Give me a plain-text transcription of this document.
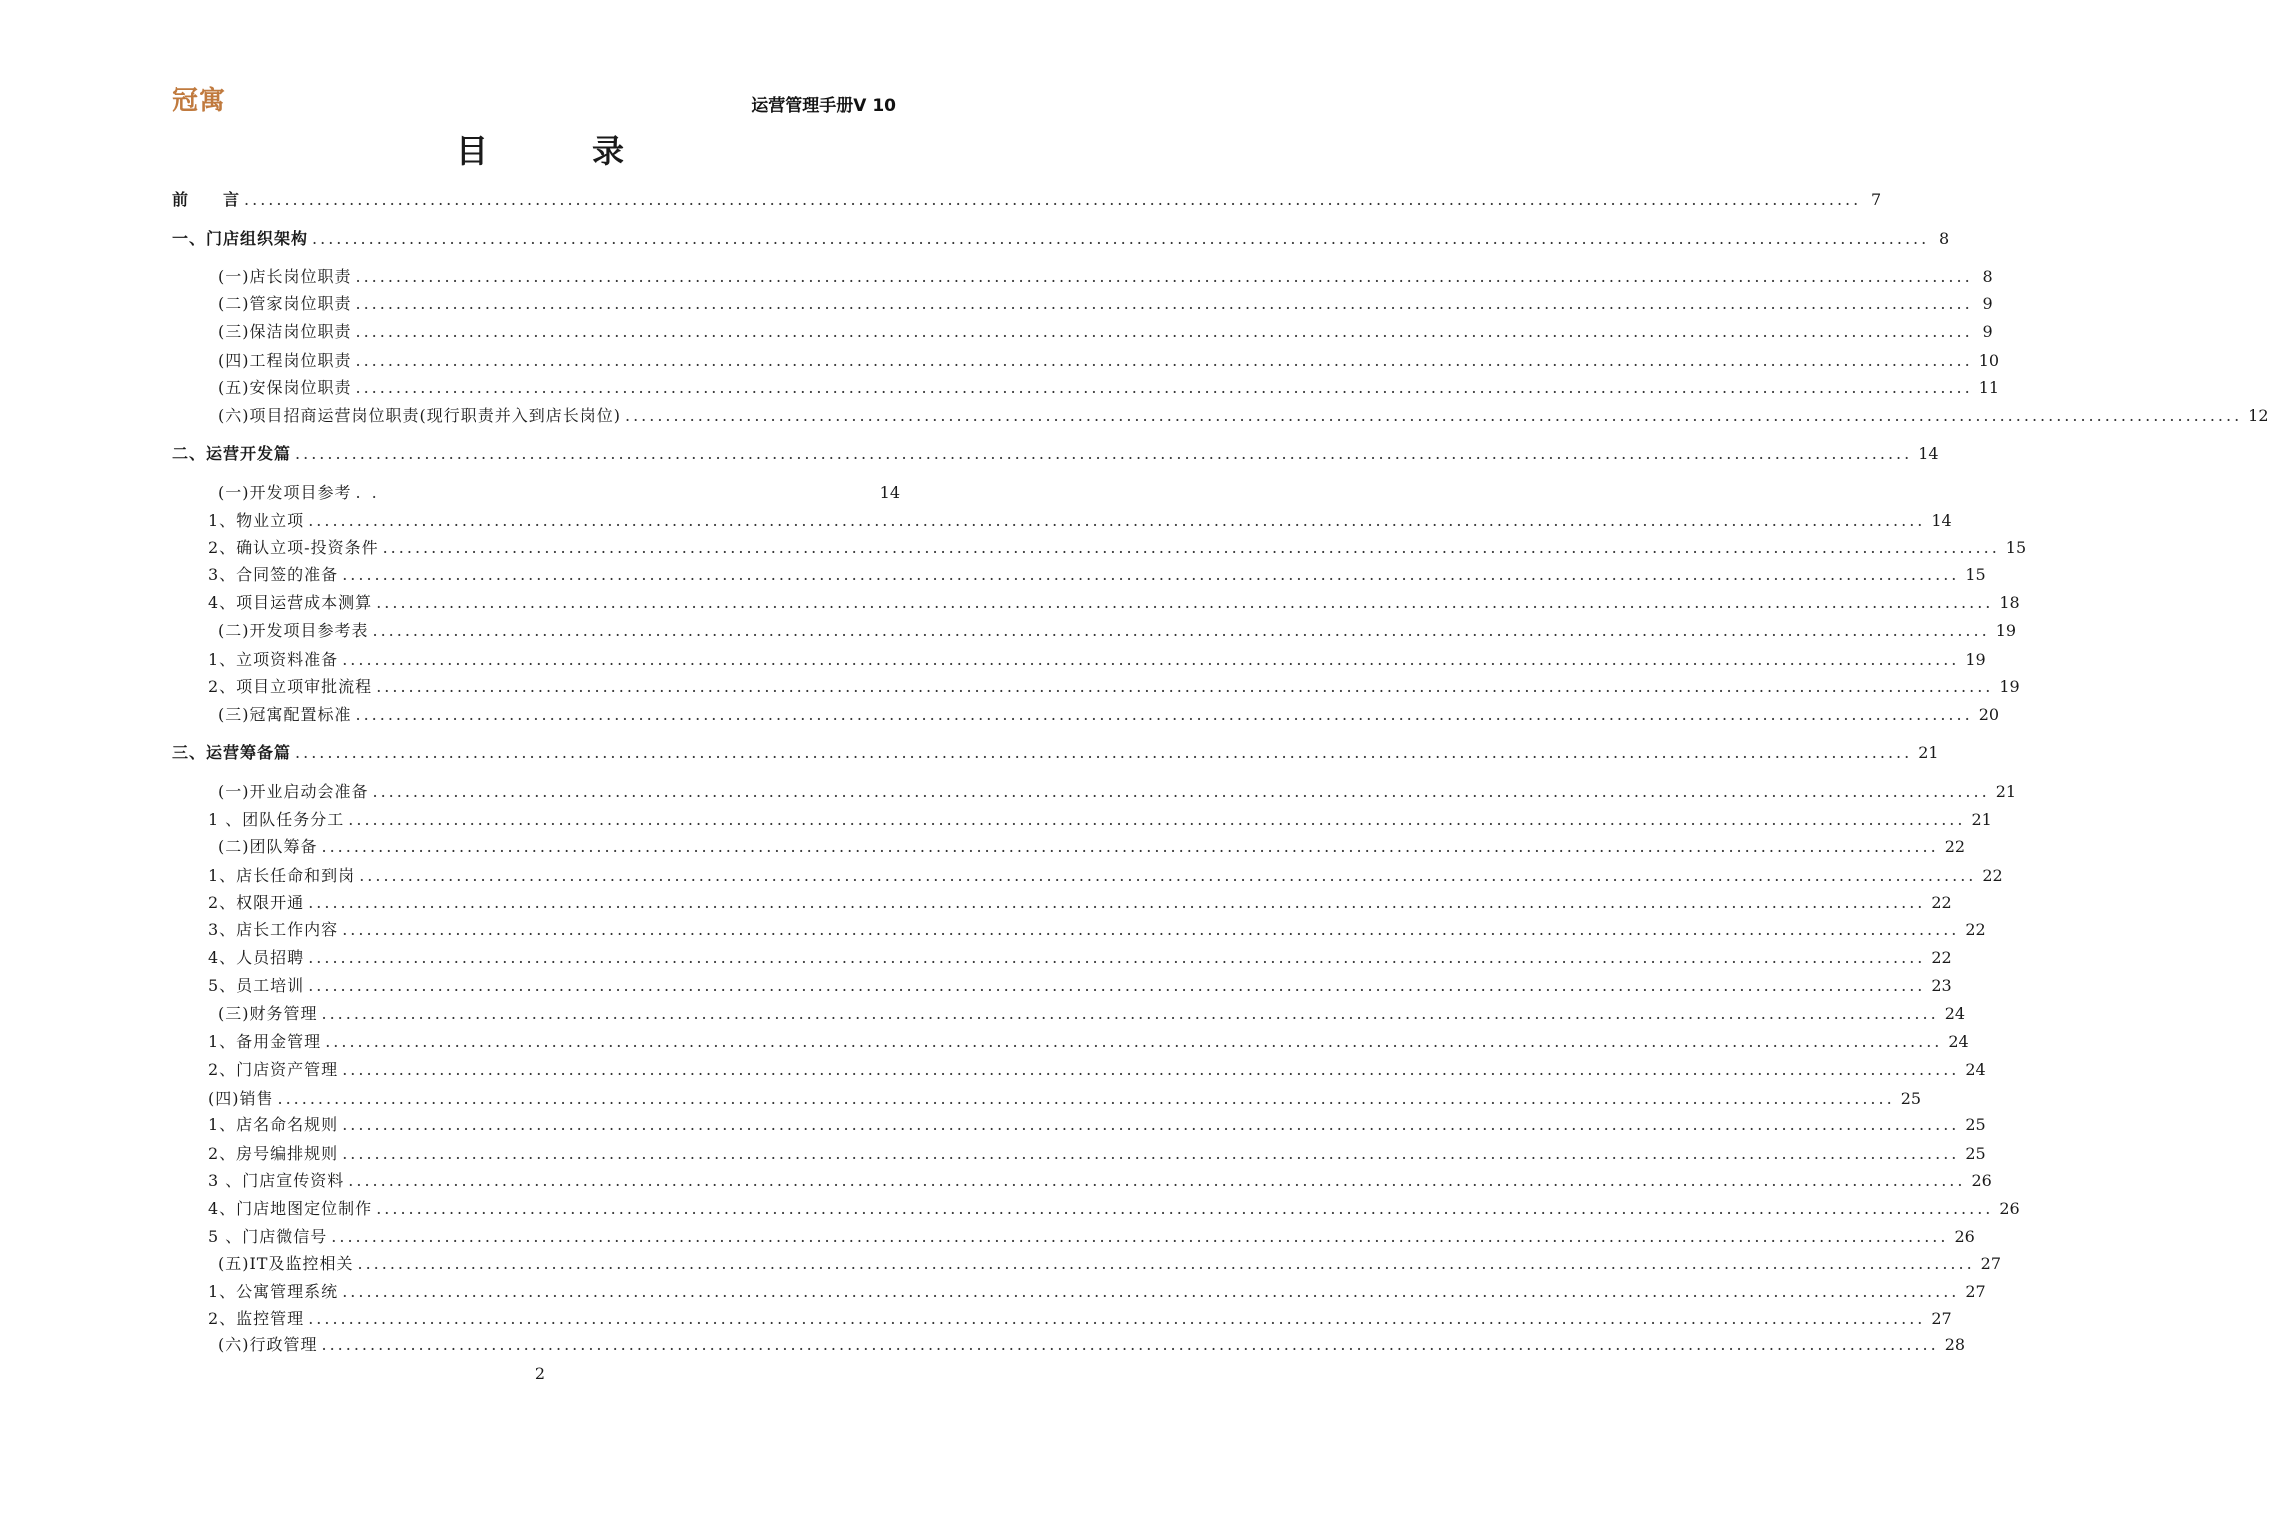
冠寓	运营管理手册V 10
目　录
前　　言 ........................................................................................................................................................................................................ 7
一、门店组织架构 ........................................................................................................................................................................................................ 8
(一)店长岗位职责 ........................................................................................................................................................................................................ 8
(二)管家岗位职责 ........................................................................................................................................................................................................ 9
(三)保洁岗位职责 ........................................................................................................................................................................................................ 9
(四)工程岗位职责 ........................................................................................................................................................................................................ 10
(五)安保岗位职责 ........................................................................................................................................................................................................ 11
(六)项目招商运营岗位职责(现行职责并入到店长岗位) ........................................................................................................................................................................................................ 12
二、运营开发篇 ........................................................................................................................................................................................................ 14
(一)开发项目参考 . .	14
1、物业立项 ........................................................................................................................................................................................................ 14
2、确认立项-投资条件 ........................................................................................................................................................................................................ 15
3、合同签的准备 ........................................................................................................................................................................................................ 15
4、项目运营成本测算 ........................................................................................................................................................................................................ 18
(二)开发项目参考表 ........................................................................................................................................................................................................ 19
1、立项资料准备 ........................................................................................................................................................................................................ 19
2、项目立项审批流程 ........................................................................................................................................................................................................ 19
(三)冠寓配置标准 ........................................................................................................................................................................................................ 20
三、运营筹备篇 ........................................................................................................................................................................................................ 21
(一)开业启动会准备 ........................................................................................................................................................................................................ 21
1 、团队任务分工 ........................................................................................................................................................................................................ 21
(二)团队筹备 ........................................................................................................................................................................................................ 22
1、店长任命和到岗 ........................................................................................................................................................................................................ 22
2、权限开通 ........................................................................................................................................................................................................ 22
3、店长工作内容 ........................................................................................................................................................................................................ 22
4、人员招聘 ........................................................................................................................................................................................................ 22
5、员工培训 ........................................................................................................................................................................................................ 23
(三)财务管理 ........................................................................................................................................................................................................ 24
1、备用金管理 ........................................................................................................................................................................................................ 24
2、门店资产管理 ........................................................................................................................................................................................................ 24
(四)销售 ........................................................................................................................................................................................................ 25
1、店名命名规则 ........................................................................................................................................................................................................ 25
2、房号编排规则 ........................................................................................................................................................................................................ 25
3 、门店宣传资料 ........................................................................................................................................................................................................ 26
4、门店地图定位制作 ........................................................................................................................................................................................................ 26
5 、门店微信号 ........................................................................................................................................................................................................ 26
(五)IT及监控相关 ........................................................................................................................................................................................................ 27
1、公寓管理系统 ........................................................................................................................................................................................................ 27
2、监控管理 ........................................................................................................................................................................................................ 27
(六)行政管理 ........................................................................................................................................................................................................ 28
2
